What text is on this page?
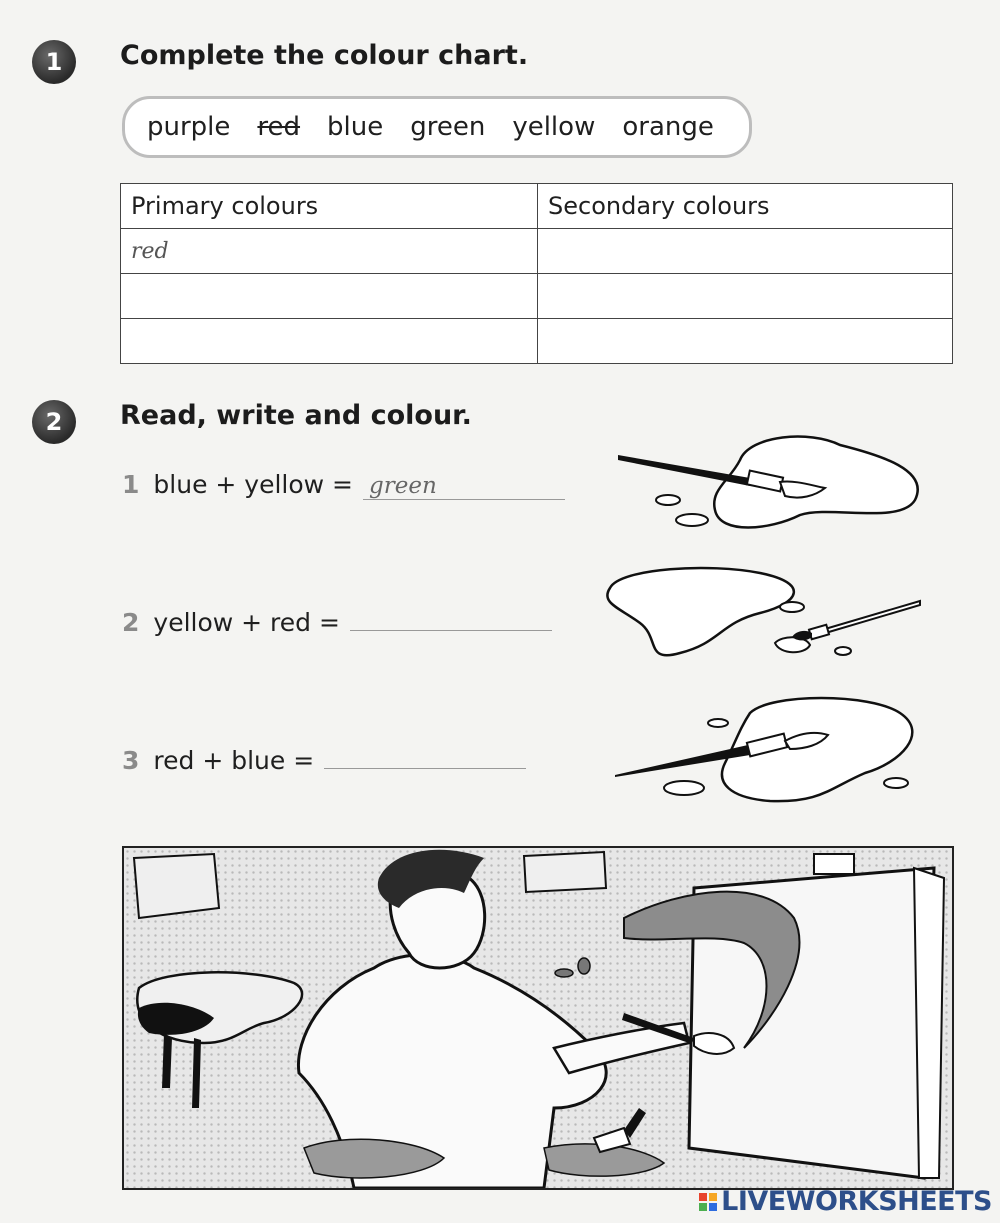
1 Complete the colour chart.
purple red blue green yellow orange
Primary colours	Secondary colours
red	

2 Read, write and colour.
1 blue + yellow = green
2 yellow + red =
3 red + blue =
LIVEWORKSHEETS
